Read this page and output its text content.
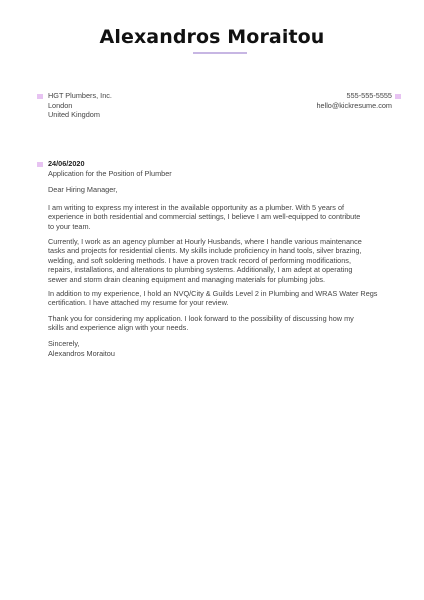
Alexandros Moraitou
HGT Plumbers, Inc.
London
United Kingdom
555-555-5555
hello@kickresume.com
24/06/2020
Application for the Position of Plumber
Dear Hiring Manager,
I am writing to express my interest in the available opportunity as a plumber. With 5 years of
experience in both residential and commercial settings, I believe I am well-equipped to contribute
to your team.
Currently, I work as an agency plumber at Hourly Husbands, where I handle various maintenance
tasks and projects for residential clients. My skills include proficiency in hand tools, silver brazing,
welding, and soft soldering methods. I have a proven track record of performing modifications,
repairs, installations, and alterations to plumbing systems. Additionally, I am adept at operating
sewer and storm drain cleaning equipment and managing materials for plumbing jobs.
In addition to my experience, I hold an NVQ/City & Guilds Level 2 in Plumbing and WRAS Water Regs
certification. I have attached my resume for your review.
Thank you for considering my application. I look forward to the possibility of discussing how my
skills and experience align with your needs.
Sincerely,
Alexandros Moraitou
